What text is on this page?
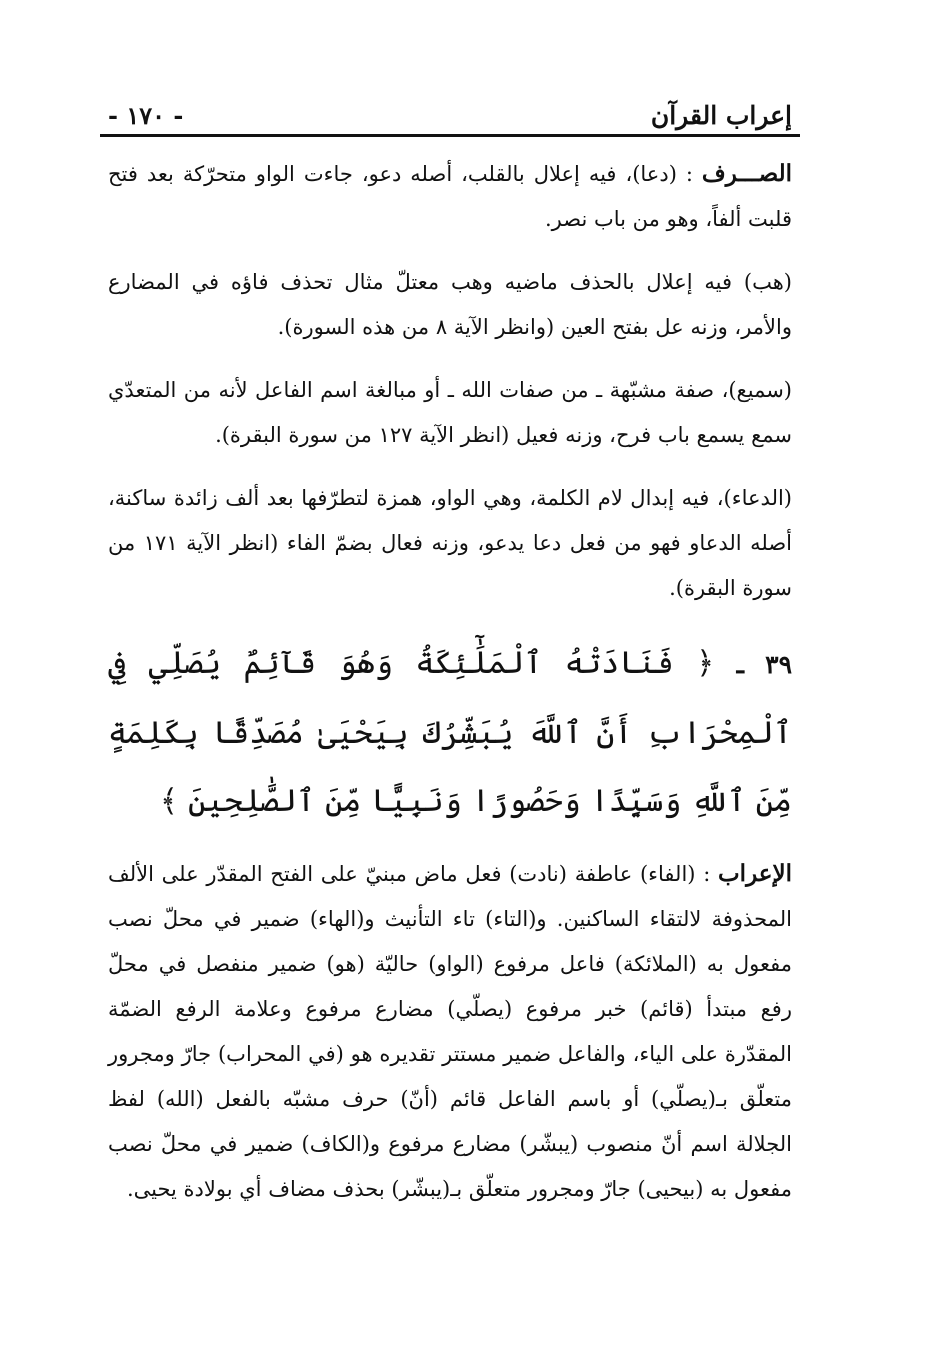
إعراب القرآن
- ١٧٠ -

الصـــرف : (دعا)، فيه إعلال بالقلب، أصله دعو، جاءت الواو متحرّكة بعد فتح قلبت ألفاً، وهو من باب نصر.

(هب) فيه إعلال بالحذف ماضيه وهب معتلّ مثال تحذف فاؤه في المضارع والأمر، وزنه عل بفتح العين (وانظر الآية ٨ من هذه السورة).

(سميع)، صفة مشبّهة ـ من صفات الله ـ أو مبالغة اسم الفاعل لأنه من المتعدّي سمع يسمع باب فرح، وزنه فعيل (انظر الآية ١٢٧ من سورة البقرة).

(الدعاء)، فيه إبدال لام الكلمة، وهي الواو، همزة لتطرّفها بعد ألف زائدة ساكنة، أصله الدعاو فهو من فعل دعا يدعو، وزنه فعال بضمّ الفاء (انظر الآية ١٧١ من سورة البقرة).

٣٩ ـ ﴿ فَنَادَتْهُ ٱلْمَلَٰٓئِكَةُ وَهُوَ قَآئِمٌ يُصَلِّي فِي ٱلْمِحْرَابِ أَنَّ ٱللَّهَ يُبَشِّرُكَ بِيَحْيَىٰ مُصَدِّقًا بِكَلِمَةٍ مِّنَ ٱللَّهِ وَسَيِّدًا وَحَصُورًا وَنَبِيًّا مِّنَ ٱلصَّٰلِحِينَ ﴾

الإعراب : (الفاء) عاطفة (نادت) فعل ماض مبنيّ على الفتح المقدّر على الألف المحذوفة لالتقاء الساكنين. و(التاء) تاء التأنيث و(الهاء) ضمير في محلّ نصب مفعول به (الملائكة) فاعل مرفوع (الواو) حاليّة (هو) ضمير منفصل في محلّ رفع مبتدأ (قائم) خبر مرفوع (يصلّي) مضارع مرفوع وعلامة الرفع الضمّة المقدّرة على الياء، والفاعل ضمير مستتر تقديره هو (في المحراب) جارّ ومجرور متعلّق بـ(يصلّي) أو باسم الفاعل قائم (أنّ) حرف مشبّه بالفعل (الله) لفظ الجلالة اسم أنّ منصوب (يبشّر) مضارع مرفوع و(الكاف) ضمير في محلّ نصب مفعول به (بيحيى) جارّ ومجرور متعلّق بـ(يبشّر) بحذف مضاف أي بولادة يحيى.
